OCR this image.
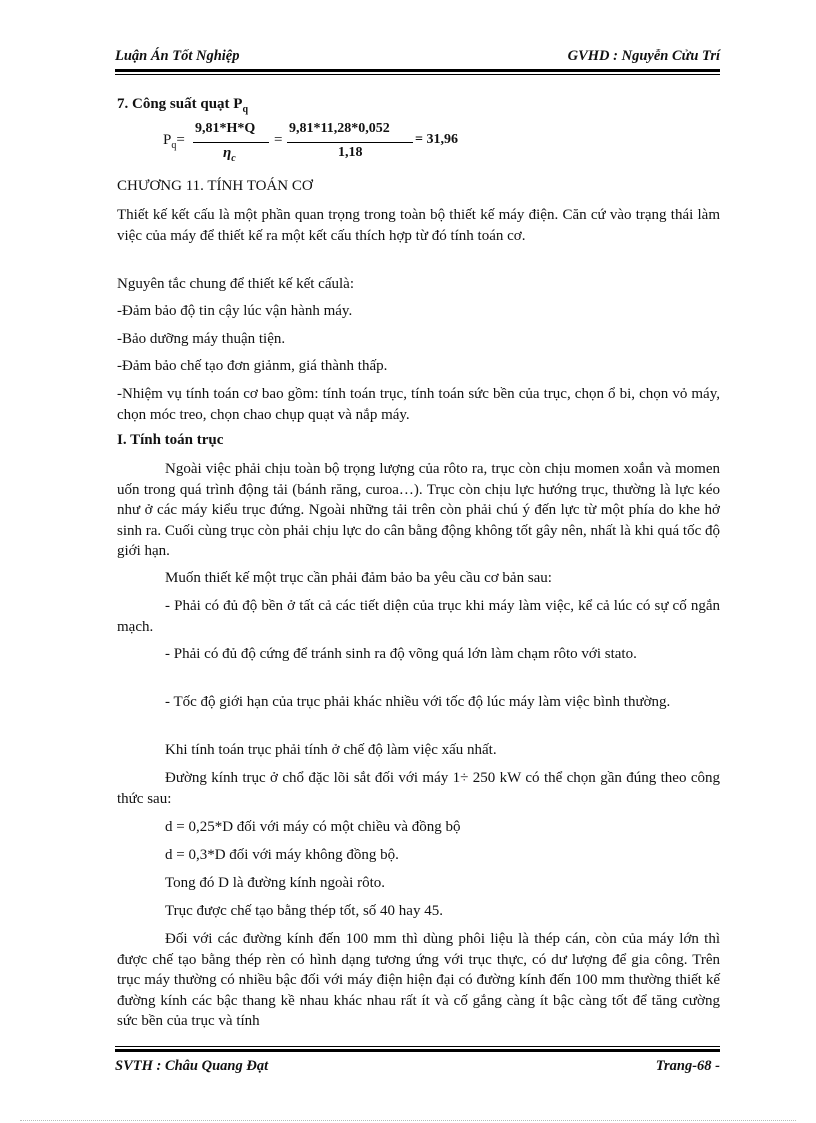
Luận Án Tốt Nghiệp	GVHD : Nguyễn Cửu Trí
7. Công suất quạt $P_q$
$P_q=$
9,81*H*Q
$\eta_c$
=
9,81*11,28*0,052
1,18
= 31,96
CHƯƠNG 11. TÍNH TOÁN CƠ
Thiết kế kết cấu là một phần quan trọng trong toàn bộ thiết kế máy điện. Căn cứ vào trạng thái làm việc của máy để thiết kế ra một kết cấu thích hợp từ đó tính toán cơ.
Nguyên tắc chung để thiết kế kết cấulà:
-Đảm bảo độ tin cậy lúc vận hành máy.
-Bảo dưỡng máy thuận tiện.
-Đảm bảo chế tạo đơn giảnm, giá thành thấp.
-Nhiệm vụ tính toán cơ bao gồm: tính toán trục, tính toán sức bền của trục, chọn ổ bi, chọn vỏ máy, chọn móc treo, chọn chao chụp quạt và nắp máy.
I. Tính toán trục
Ngoài việc phải chịu toàn bộ trọng lượng của rôto ra, trục còn chịu momen xoắn và momen uốn trong quá trình động tải (bánh răng, curoa…). Trục còn chịu lực hướng trục, thường là lực kéo như ở các máy kiểu trục đứng. Ngoài những tải trên còn phải chú ý đến lực từ một phía do khe hở sinh ra. Cuối cùng trục còn phải chịu lực do cân bằng động không tốt gây nên, nhất là khi quá tốc độ giới hạn.
Muốn thiết kế một trục cần phải đảm bảo ba yêu cầu cơ bản sau:
- Phải có đủ độ bền ở tất cả các tiết diện của trục khi máy làm việc, kể cả lúc có sự cố ngắn mạch.
- Phải có đủ độ cứng để tránh sinh ra độ võng quá lớn làm chạm rôto với stato.
- Tốc độ giới hạn của trục phải khác nhiều với tốc độ lúc máy làm việc bình thường.
Khi tính toán trục phải tính ở chế độ làm việc xấu nhất.
Đường kính trục ở chổ đặc lõi sắt đối với máy 1÷ 250 kW có thể chọn gần đúng theo công thức sau:
d = 0,25*D đối với máy có một chiều và đồng bộ
d = 0,3*D đối với máy không đồng bộ.
Tong đó D là đường kính ngoài rôto.
Trục được chế tạo bằng thép tốt, số 40 hay 45.
Đối với các đường kính đến 100 mm thì dùng phôi liệu là thép cán, còn của máy lớn thì được chế tạo bằng thép rèn có hình dạng tương ứng với trục thực, có dư lượng để gia công. Trên trục máy thường có nhiều bậc đối với máy điện hiện đại có đường kính đến 100 mm thường thiết kế đường kính các bậc thang kề nhau khác nhau rất ít và cố gắng càng ít bậc càng tốt để tăng cường sức bền của trục và tính
SVTH : Châu Quang Đạt	Trang-68 -
